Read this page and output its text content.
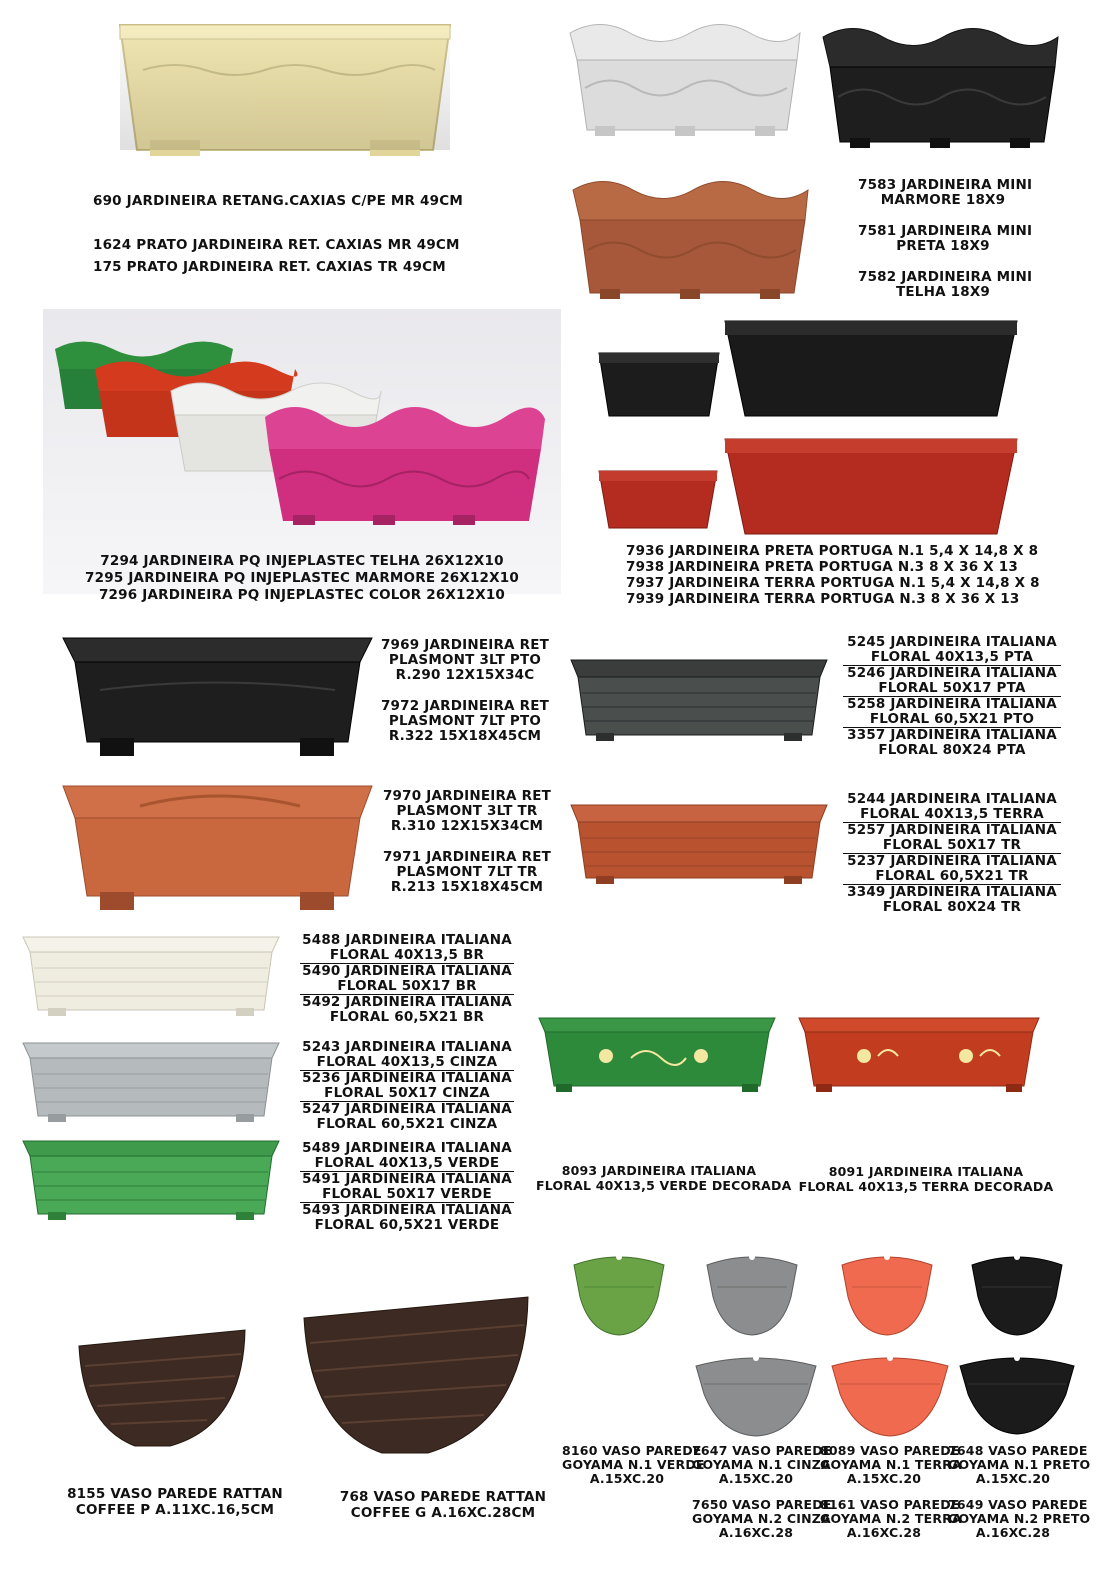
690 JARDINEIRA RETANG.CAXIAS C/PE MR 49CM
1624 PRATO JARDINEIRA RET. CAXIAS MR 49CM
175 PRATO JARDINEIRA RET. CAXIAS TR 49CM
7583 JARDINEIRA MINI
MARMORE 18X9
7581 JARDINEIRA MINI
PRETA 18X9
7582 JARDINEIRA MINI
TELHA 18X9
7294 JARDINEIRA PQ INJEPLASTEC TELHA 26X12X10
7295 JARDINEIRA PQ INJEPLASTEC MARMORE 26X12X10
7296 JARDINEIRA PQ INJEPLASTEC COLOR 26X12X10
7936 JARDINEIRA PRETA PORTUGA N.1 5,4 X 14,8 X 8
7938 JARDINEIRA PRETA PORTUGA N.3 8 X 36 X 13
7937 JARDINEIRA TERRA PORTUGA N.1 5,4 X 14,8 X 8
7939 JARDINEIRA TERRA PORTUGA N.3 8 X 36 X 13
7969 JARDINEIRA RET
PLASMONT 3LT PTO
R.290 12X15X34C
7972 JARDINEIRA RET
PLASMONT 7LT PTO
R.322 15X18X45CM
7970 JARDINEIRA RET
PLASMONT 3LT TR
R.310 12X15X34CM
7971 JARDINEIRA RET
PLASMONT 7LT TR
R.213 15X18X45CM
5245 JARDINEIRA ITALIANA
FLORAL 40X13,5 PTA
5246 JARDINEIRA ITALIANA
FLORAL 50X17 PTA
5258 JARDINEIRA ITALIANA
FLORAL 60,5X21 PTO
3357 JARDINEIRA ITALIANA
FLORAL 80X24 PTA
5244 JARDINEIRA ITALIANA
FLORAL 40X13,5 TERRA
5257 JARDINEIRA ITALIANA
FLORAL 50X17 TR
5237 JARDINEIRA ITALIANA
FLORAL 60,5X21 TR
3349 JARDINEIRA ITALIANA
FLORAL 80X24 TR
5488 JARDINEIRA ITALIANA
FLORAL 40X13,5 BR
5490 JARDINEIRA ITALIANA
FLORAL 50X17 BR
5492 JARDINEIRA ITALIANA
FLORAL 60,5X21 BR
5243 JARDINEIRA ITALIANA
FLORAL 40X13,5 CINZA
5236 JARDINEIRA ITALIANA
FLORAL 50X17 CINZA
5247 JARDINEIRA ITALIANA
FLORAL 60,5X21 CINZA
5489 JARDINEIRA ITALIANA
FLORAL 40X13,5 VERDE
5491 JARDINEIRA ITALIANA
FLORAL 50X17 VERDE
5493 JARDINEIRA ITALIANA
FLORAL 60,5X21 VERDE
8093 JARDINEIRA ITALIANA
FLORAL 40X13,5 VERDE DECORADA
8091 JARDINEIRA ITALIANA
FLORAL 40X13,5 TERRA DECORADA
8155 VASO PAREDE RATTAN
COFFEE P A.11XC.16,5CM
768 VASO PAREDE RATTAN
COFFEE G A.16XC.28CM
8160 VASO PAREDE
GOYAMA N.1 VERDE
A.15XC.20
7647 VASO PAREDE
GOYAMA N.1 CINZA
A.15XC.20
8089 VASO PAREDE
GOYAMA N.1 TERRA
A.15XC.20
7648 VASO PAREDE
GOYAMA N.1 PRETO
A.15XC.20
7650 VASO PAREDE
GOYAMA N.2 CINZA
A.16XC.28
8161 VASO PAREDE
GOYAMA N.2 TERRA
A.16XC.28
7649 VASO PAREDE
GOYAMA N.2 PRETO
A.16XC.28
